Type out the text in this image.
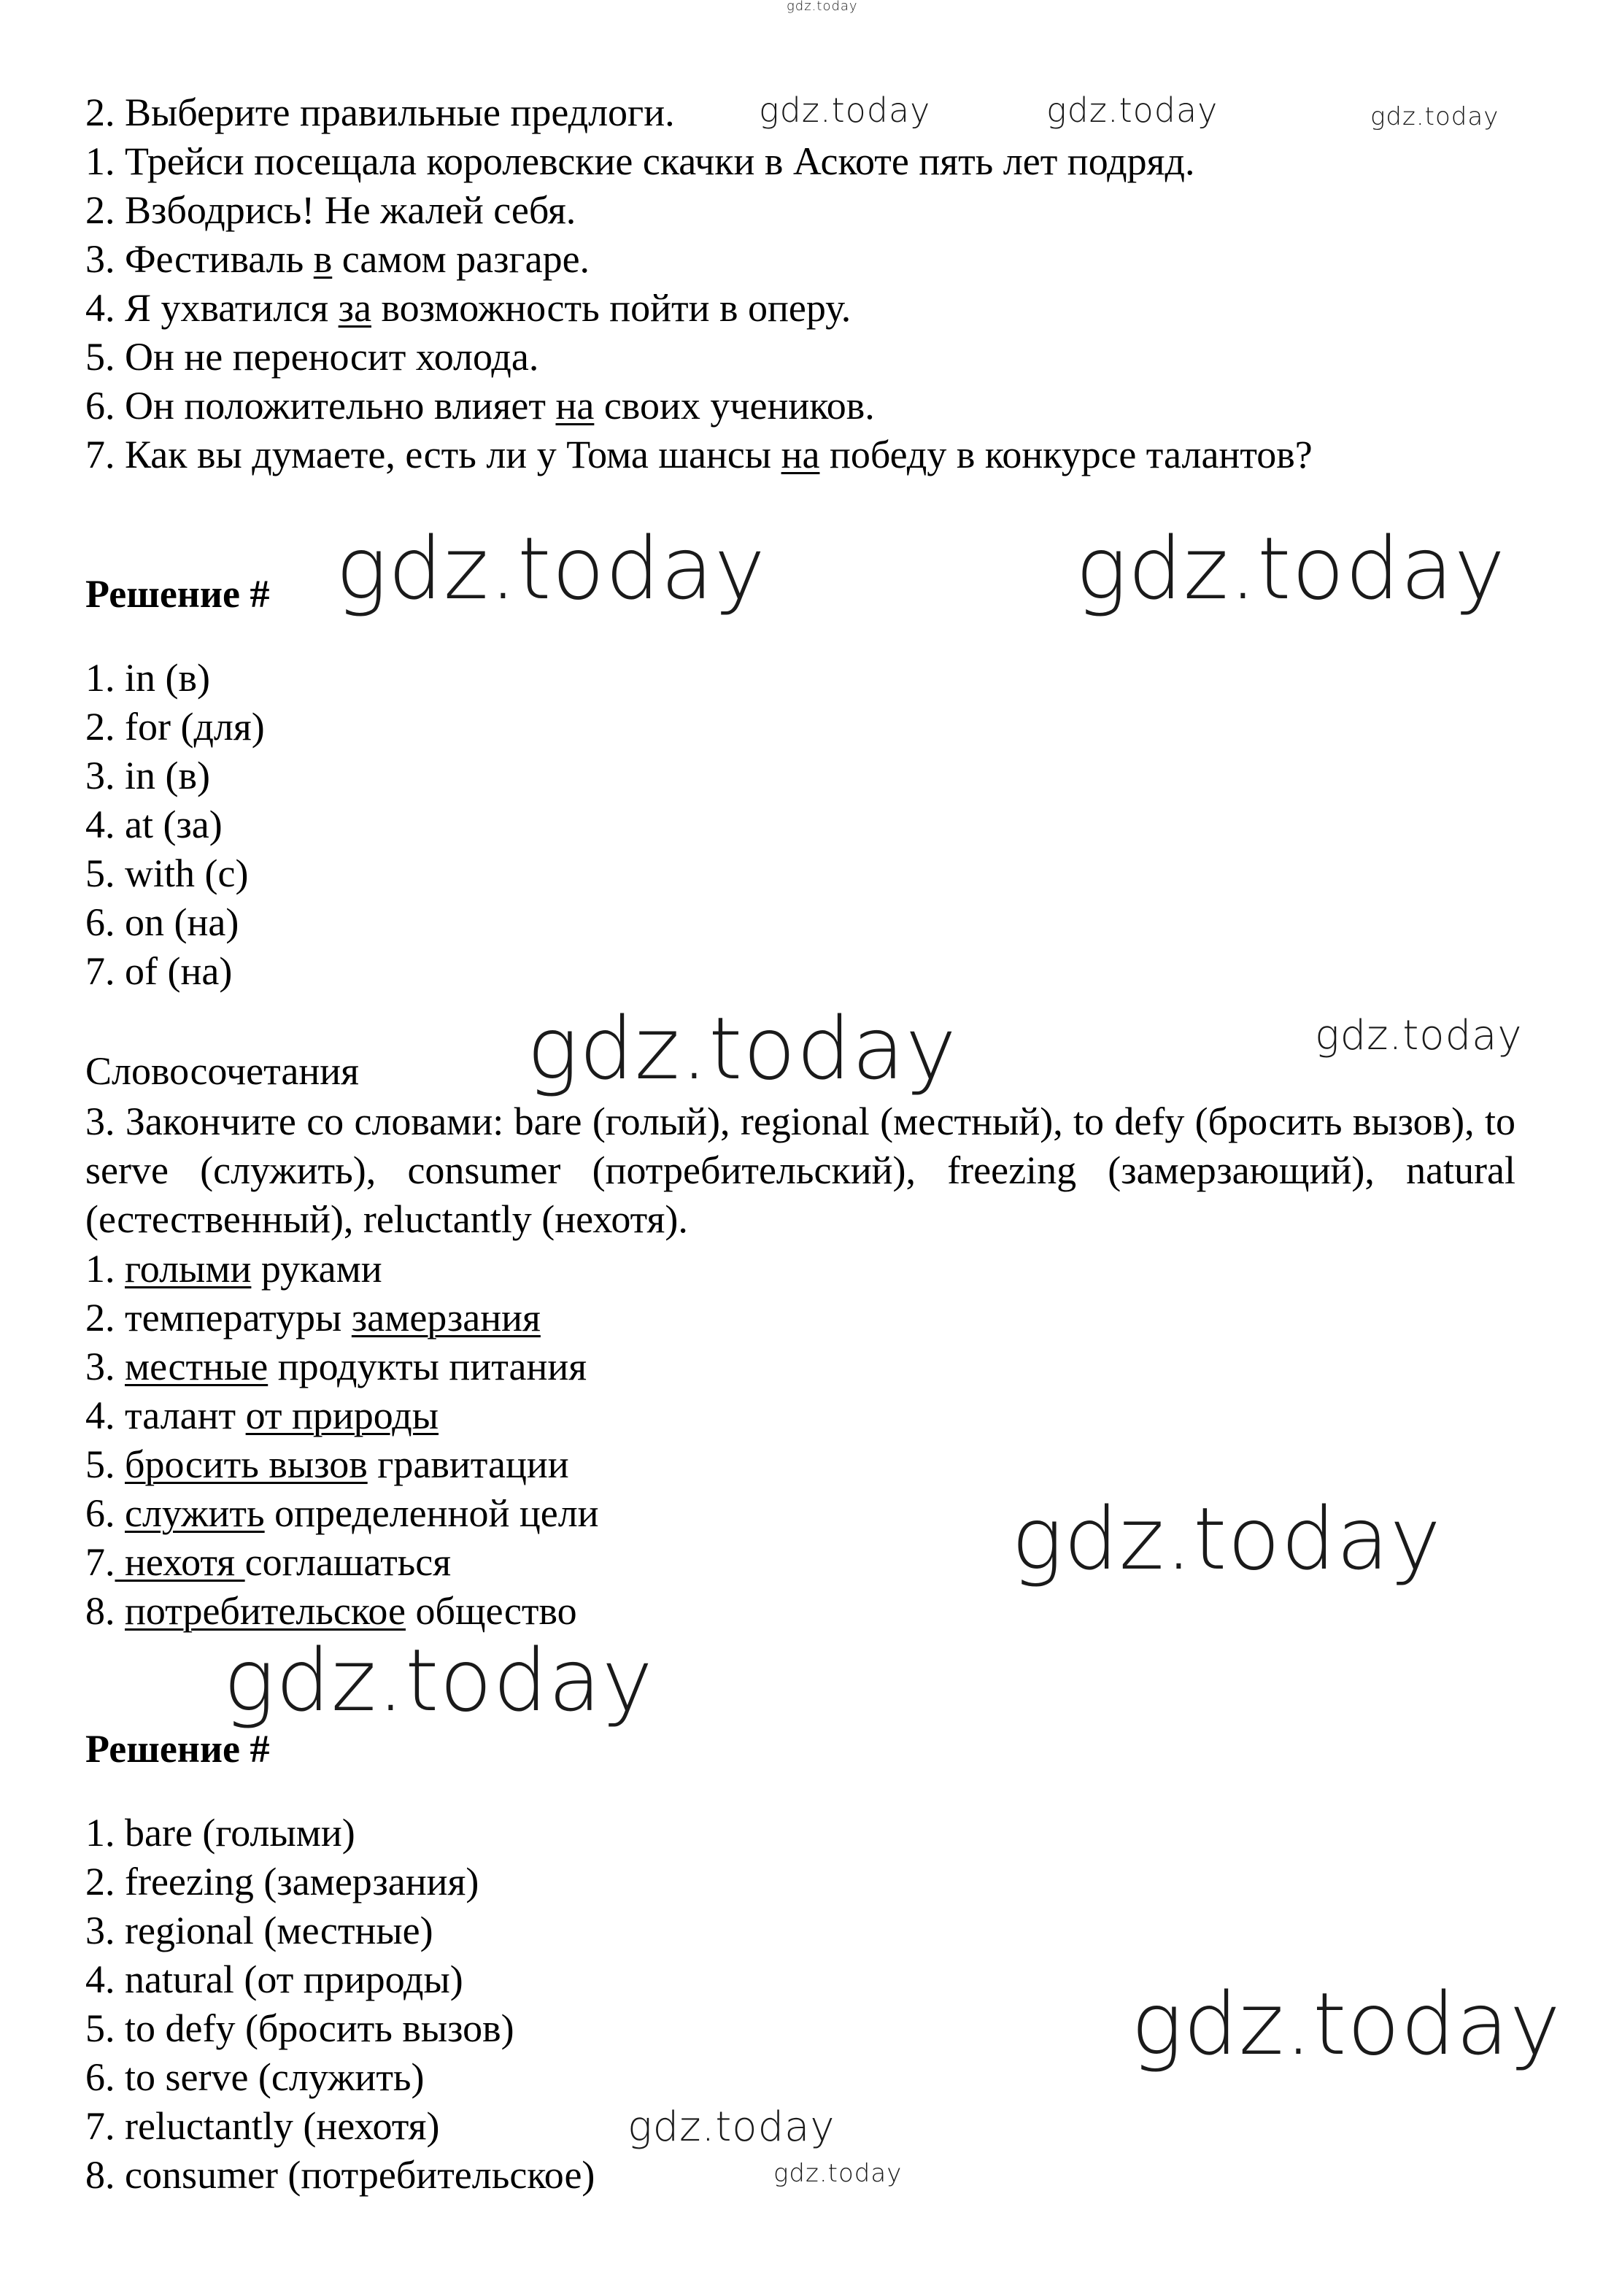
2. Выберите правильные предлоги.
1. Трейси посещала королевские скачки в Аскоте пять лет подряд.
2. Взбодрись! Не жалей себя.
3. Фестиваль в самом разгаре.
4. Я ухватился за возможность пойти в оперу.
5. Он не переносит холода.
6. Он положительно влияет на своих учеников.
7. Как вы думаете, есть ли у Тома шансы на победу в конкурсе талантов?
Решение #
1. in (в)
2. for (для)
3. in (в)
4. at (за)
5. with (с)
6. on (на)
7. of (на)
Словосочетания
3. Закончите со словами: bare (голый), regional (местный), to defy (бросить вызов), to serve (служить), consumer (потребительский), freezing (замерзающий), natural (естественный), reluctantly (нехотя).
1. голыми руками
2. температуры замерзания
3. местные продукты питания
4. талант от природы
5. бросить вызов гравитации
6. служить определенной цели
7. нехотя соглашаться
8. потребительское общество
Решение #
1. bare (голыми)
2. freezing (замерзания)
3. regional (местные)
4. natural (от природы)
5. to defy (бросить вызов)
6. to serve (служить)
7. reluctantly (нехотя)
8. consumer (потребительское)
gdz.today
gdz.today	gdz.today	gdz.today
gdz.today	gdz.today
gdz.today	gdz.today
gdz.today
gdz.today
gdz.today
gdz.today
gdz.today
